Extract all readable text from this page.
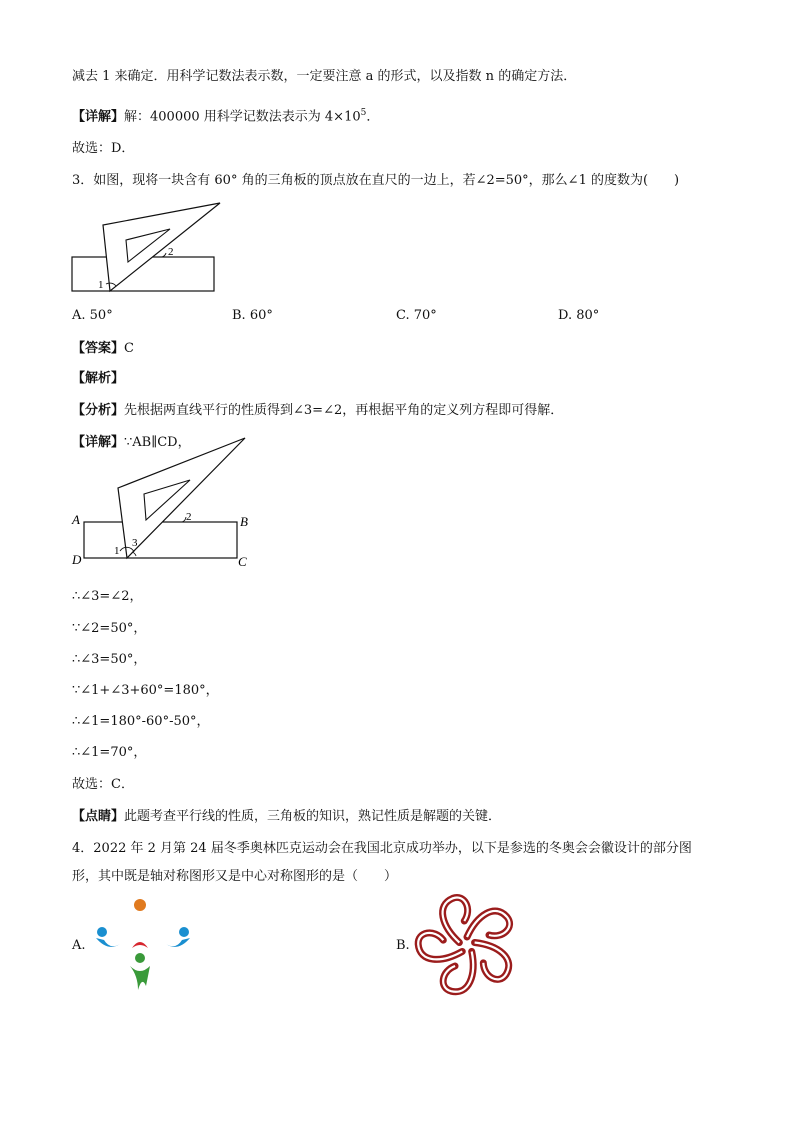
减去 1 来确定．用科学记数法表示数，一定要注意 a 的形式，以及指数 n 的确定方法．
【详解】解：400000 用科学记数法表示为 $4\times 10^5$．
故选：D．
3．如图，现将一块含有 60° 角的三角板的顶点放在直尺的一边上，若∠2=50°，那么∠1 的度数为(　　)
1
2
A. 50°	B. 60°	C. 70°	D. 80°
【答案】C
【解析】
【分析】先根据两直线平行的性质得到∠3=∠2，再根据平角的定义列方程即可得解．
【详解】∵AB∥CD，
A	B
C
D
1
3
2
∴∠3=∠2，
∵∠2=50°，
∴∠3=50°，
∵∠1+∠3+60°=180°，
∴∠1=180°-60°-50°，
∴∠1=70°，
故选：C．
【点睛】此题考查平行线的性质，三角板的知识，熟记性质是解题的关键．
4．2022 年 2 月第 24 届冬季奥林匹克运动会在我国北京成功举办，以下是参选的冬奥会会徽设计的部分图
形，其中既是轴对称图形又是中心对称图形的是（　　）
A.	B.
